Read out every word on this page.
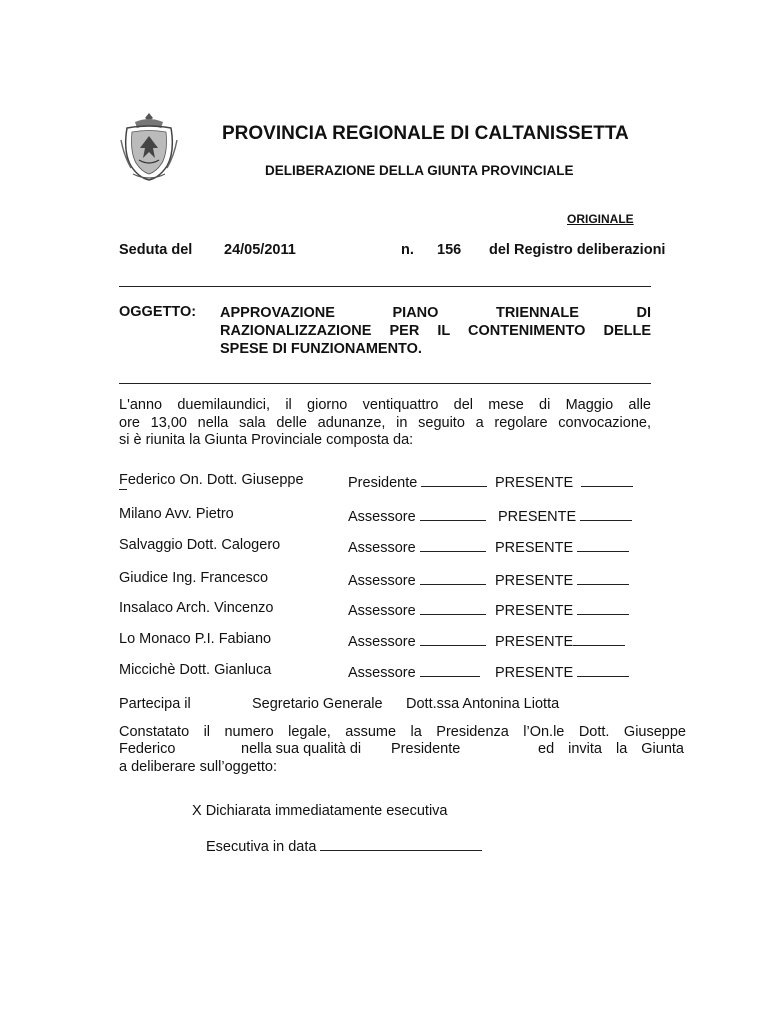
PROVINCIA REGIONALE DI CALTANISSETTA
DELIBERAZIONE DELLA GIUNTA PROVINCIALE
ORIGINALE
Seduta del 24/05/2011	n. 156 del Registro deliberazioni
OGGETTO: APPROVAZIONE PIANO TRIENNALE DI
RAZIONALIZZAZIONE PER IL CONTENIMENTO DELLE
SPESE DI FUNZIONAMENTO.
L'anno duemilaundici, il giorno ventiquattro del mese di Maggio alle
ore 13,00 nella sala delle adunanze, in seguito a regolare convocazione,
si è riunita la Giunta Provinciale composta da:
Federico On. Dott. Giuseppe	Presidente	PRESENTE
Milano Avv. Pietro	Assessore	PRESENTE
Salvaggio Dott. Calogero	Assessore	PRESENTE
Giudice Ing. Francesco	Assessore	PRESENTE
Insalaco Arch. Vincenzo	Assessore	PRESENTE
Lo Monaco P.I. Fabiano	Assessore	PRESENTE
Miccichè Dott. Gianluca	Assessore	PRESENTE
Partecipa il	Segretario Generale Dott.ssa Antonina Liotta
Constatato il numero legale, assume la Presidenza l’On.le Dott. Giuseppe
Federico	nella sua qualità di Presidente	ed invita la Giunta
a deliberare sull’oggetto:
X Dichiarata immediatamente esecutiva
Esecutiva in data
